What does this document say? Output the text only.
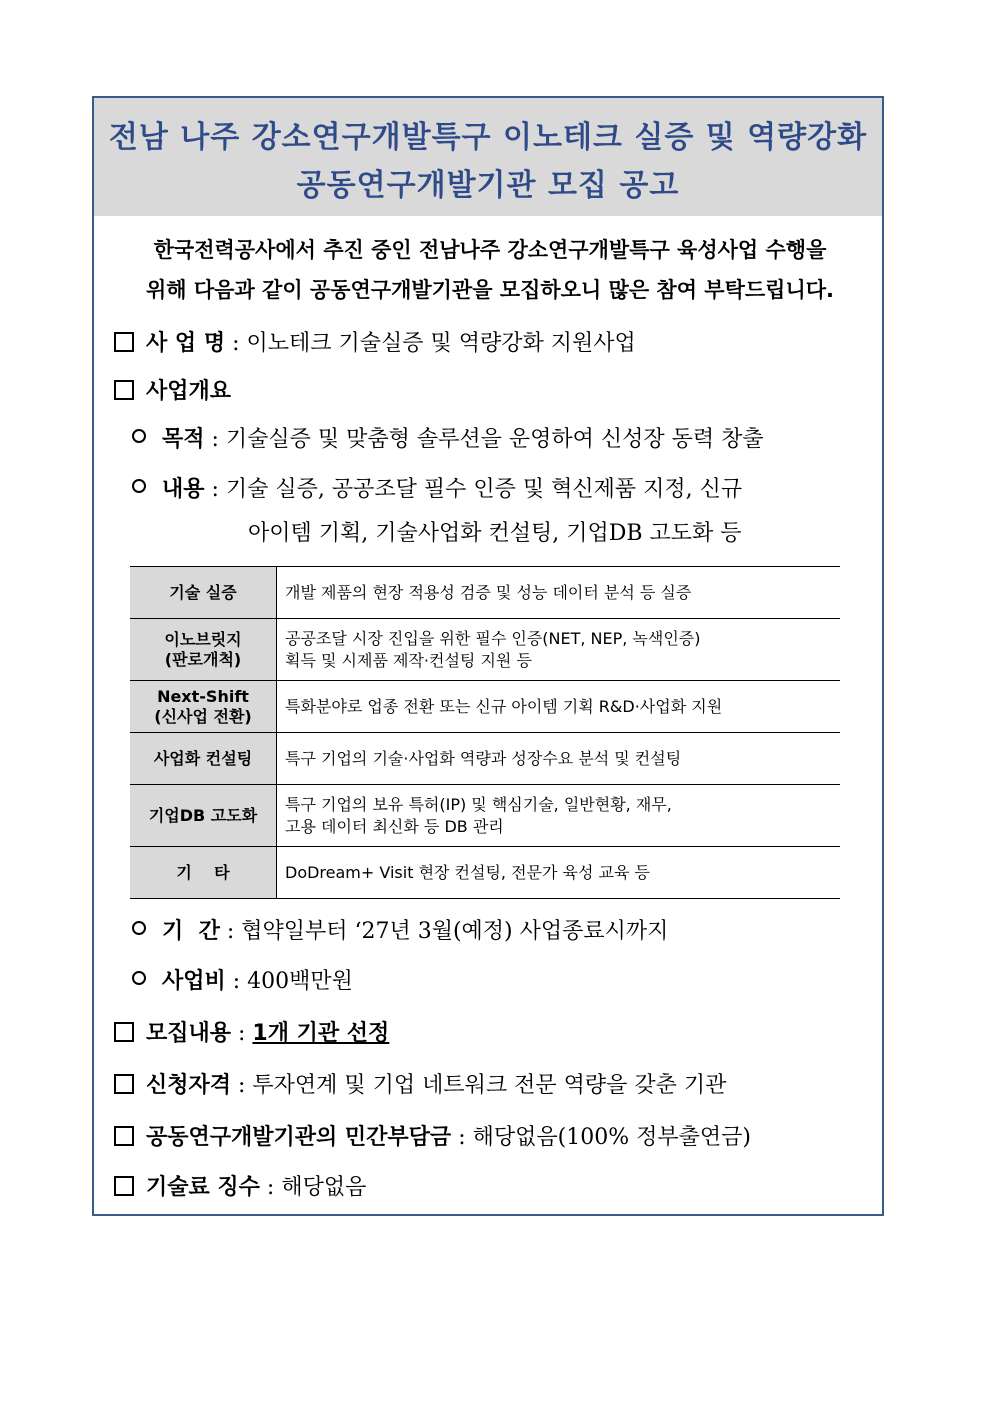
전남 나주 강소연구개발특구 이노테크 실증 및 역량강화
공동연구개발기관 모집 공고
한국전력공사에서 추진 중인 전남나주 강소연구개발특구 육성사업 수행을
위해 다음과 같이 공동연구개발기관을 모집하오니 많은 참여 부탁드립니다.
사 업 명 : 이노테크 기술실증 및 역량강화 지원사업
사업개요
목적 : 기술실증 및 맞춤형 솔루션을 운영하여 신성장 동력 창출
내용 : 기술 실증, 공공조달 필수 인증 및 혁신제품 지정, 신규
아이템 기획, 기술사업화 컨설팅, 기업DB 고도화 등
기술 실증	개발 제품의 현장 적용성 검증 및 성능 데이터 분석 등 실증
이노브릿지
(판로개척)	공공조달 시장 진입을 위한 필수 인증(NET, NEP, 녹색인증)
획득 및 시제품 제작·컨설팅 지원 등
Next-Shift
(신사업 전환)	특화분야로 업종 전환 또는 신규 아이템 기획 R&D·사업화 지원
사업화 컨설팅	특구 기업의 기술·사업화 역량과 성장수요 분석 및 컨설팅
기업DB 고도화	특구 기업의 보유 특허(IP) 및 핵심기술, 일반현황, 재무,
고용 데이터 최신화 등 DB 관리
기    타	DoDream+ Visit 현장 컨설팅, 전문가 육성 교육 등
기  간 : 협약일부터 ‘27년 3월(예정) 사업종료시까지
사업비 : 400백만원
모집내용 : 1개 기관 선정
신청자격 : 투자연계 및 기업 네트워크 전문 역량을 갖춘 기관
공동연구개발기관의 민간부담금 : 해당없음(100% 정부출연금)
기술료 징수 : 해당없음
